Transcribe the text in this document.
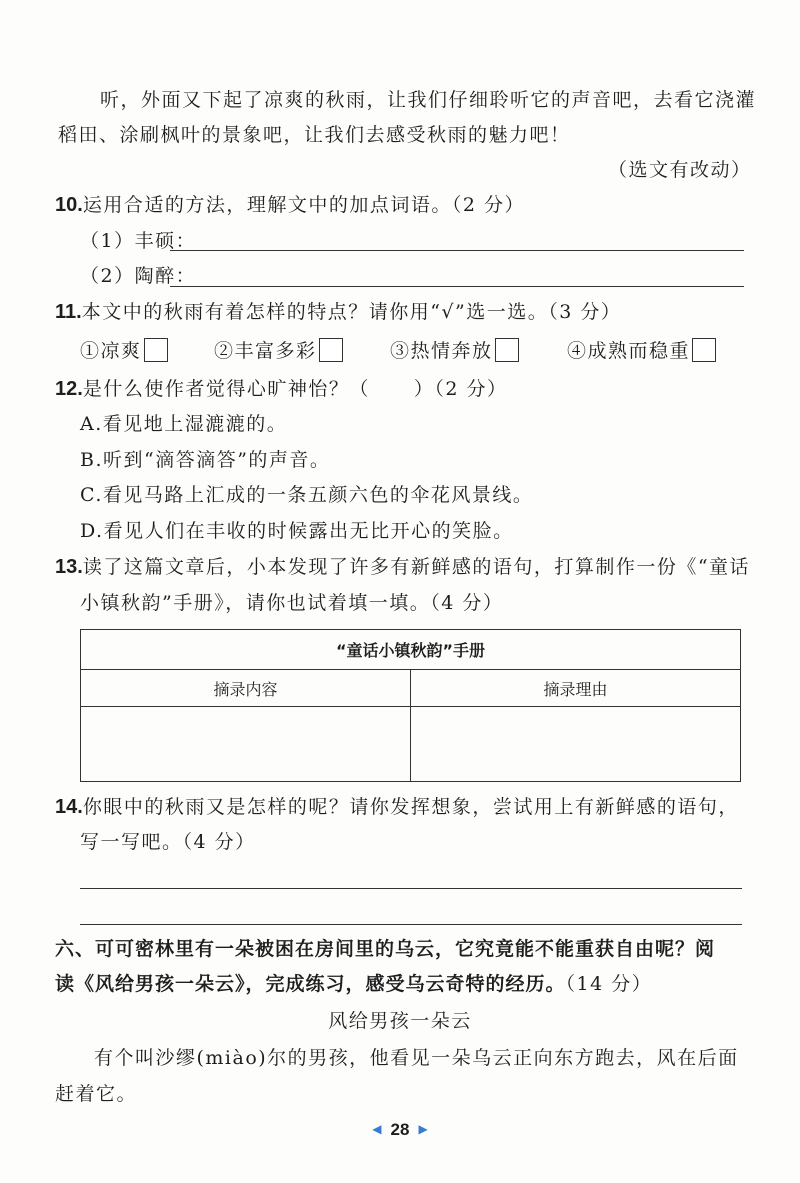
听，外面又下起了凉爽的秋雨，让我们仔细聆听它的声音吧，去看它浇灌
稻田、涂刷枫叶的景象吧，让我们去感受秋雨的魅力吧！
（选文有改动）
10.运用合适的方法，理解文中的加点词语。（2 分）
（1）丰硕：
（2）陶醉：
11.本文中的秋雨有着怎样的特点？请你用“√”选一选。（3 分）
①凉爽	②丰富多彩	③热情奔放	④成熟而稳重
12.是什么使作者觉得心旷神怡？（ ）（2 分）
A.看见地上湿漉漉的。
B.听到“滴答滴答”的声音。
C.看见马路上汇成的一条五颜六色的伞花风景线。
D.看见人们在丰收的时候露出无比开心的笑脸。
13.读了这篇文章后，小本发现了许多有新鲜感的语句，打算制作一份《“童话
小镇秋韵”手册》，请你也试着填一填。（4 分）
“童话小镇秋韵”手册	
摘录内容	摘录理由

14.你眼中的秋雨又是怎样的呢？请你发挥想象，尝试用上有新鲜感的语句，
写一写吧。（4 分）
六、可可密林里有一朵被困在房间里的乌云，它究竟能不能重获自由呢？阅
读《风给男孩一朵云》，完成练习，感受乌云奇特的经历。（14 分）
风给男孩一朵云
有个叫沙缪(miào)尔的男孩，他看见一朵乌云正向东方跑去，风在后面
赶着它。
◀ 28 ▶
